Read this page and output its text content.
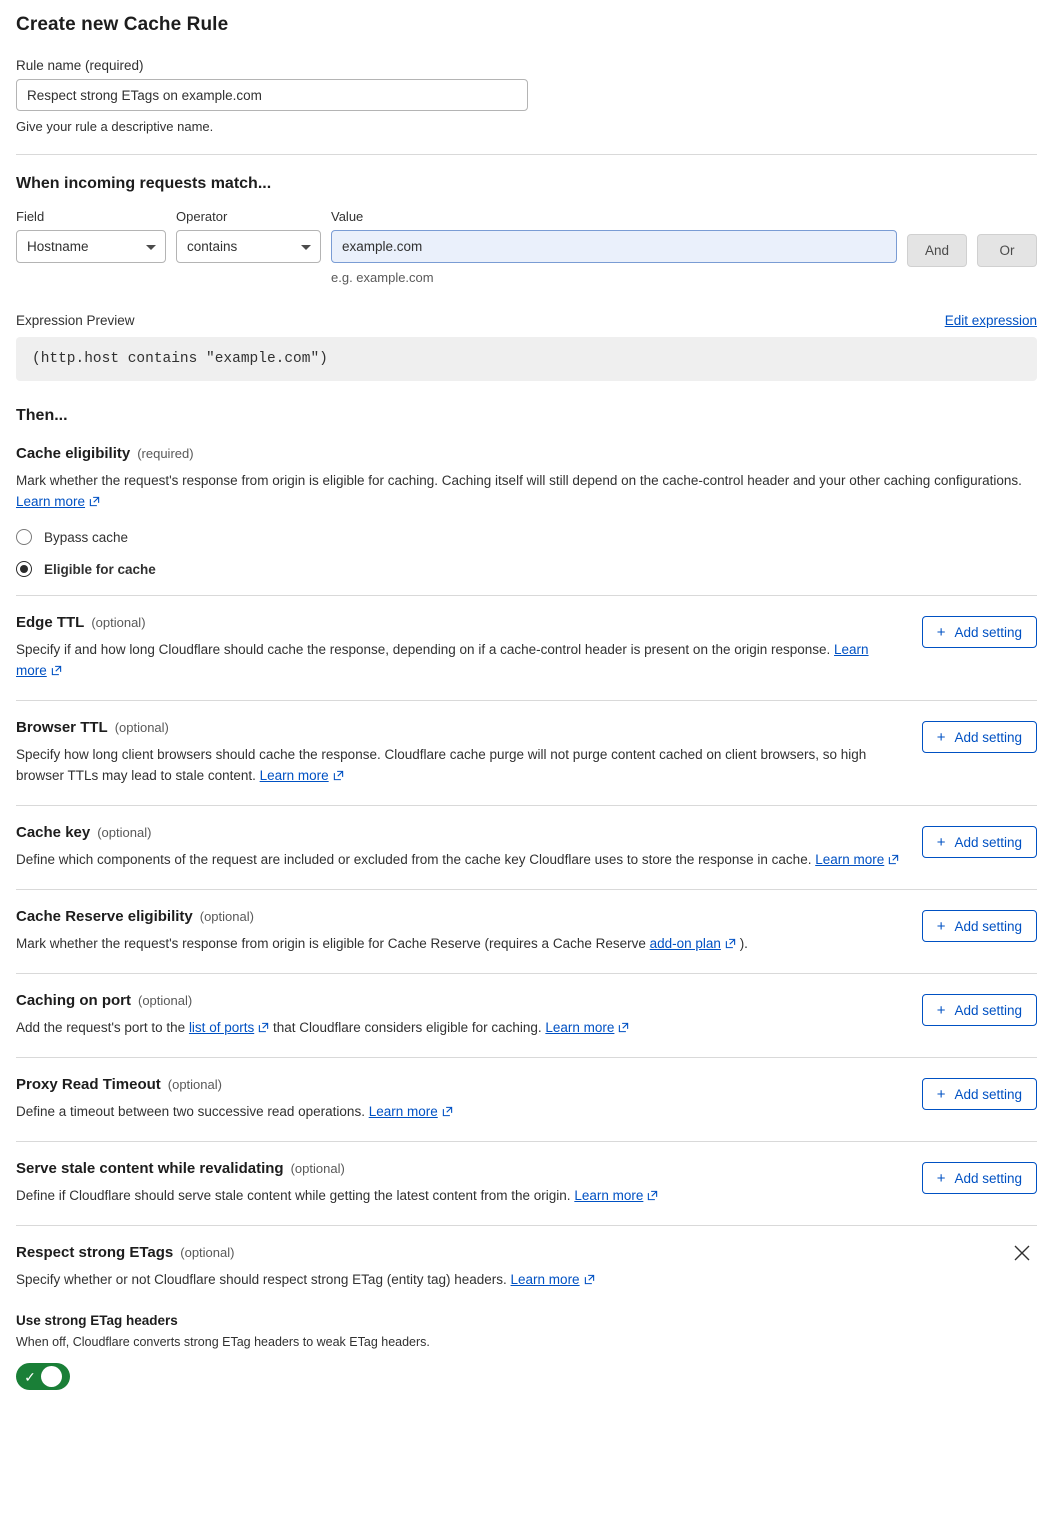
Create new Cache Rule
Rule name (required)
Respect strong ETags on example.com
Give your rule a descriptive name.
When incoming requests match...
Field
Hostname
Operator
contains
Value
example.com
e.g. example.com
And	Or
Expression Preview	Edit expression
(http.host contains "example.com")
Then...
Cache eligibility (required)
Mark whether the request's response from origin is eligible for caching. Caching itself will still depend on the cache-control header and your other caching configurations. Learn more
Bypass cache
Eligible for cache
Edge TTL (optional)
Specify if and how long Cloudflare should cache the response, depending on if a cache-control header is present on the origin response. Learn more
+ Add setting
Browser TTL (optional)
Specify how long client browsers should cache the response. Cloudflare cache purge will not purge content cached on client browsers, so high browser TTLs may lead to stale content. Learn more
+ Add setting
Cache key (optional)
Define which components of the request are included or excluded from the cache key Cloudflare uses to store the response in cache. Learn more
+ Add setting
Cache Reserve eligibility (optional)
Mark whether the request's response from origin is eligible for Cache Reserve (requires a Cache Reserve add-on plan ).
+ Add setting
Caching on port (optional)
Add the request's port to the list of ports that Cloudflare considers eligible for caching. Learn more
+ Add setting
Proxy Read Timeout (optional)
Define a timeout between two successive read operations. Learn more
+ Add setting
Serve stale content while revalidating (optional)
Define if Cloudflare should serve stale content while getting the latest content from the origin. Learn more
+ Add setting
Respect strong ETags (optional)
Specify whether or not Cloudflare should respect strong ETag (entity tag) headers. Learn more
Use strong ETag headers
When off, Cloudflare converts strong ETag headers to weak ETag headers.
✓
